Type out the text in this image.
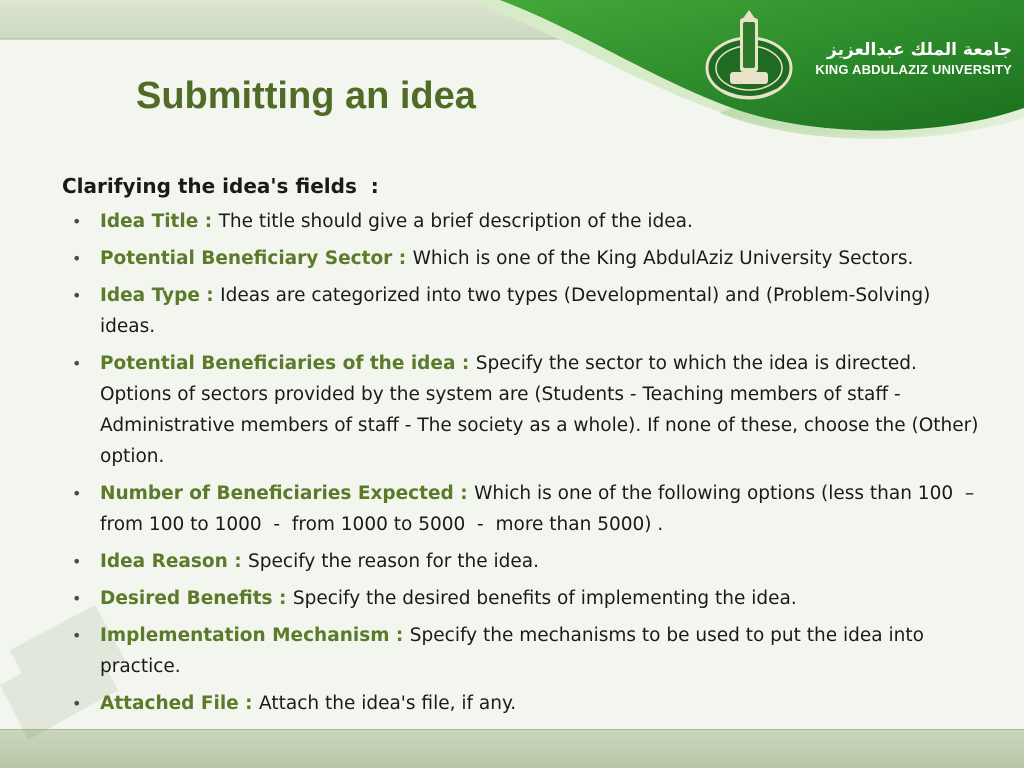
جامعة الملك عبدالعزيز
KING ABDULAZIZ UNIVERSITY
Submitting an idea

Clarifying the idea's fields  :

• Idea Title : The title should give a brief description of the idea.
• Potential Beneficiary Sector : Which is one of the King AbdulAziz University Sectors.
• Idea Type : Ideas are categorized into two types (Developmental) and (Problem-Solving) ideas.
• Potential Beneficiaries of the idea : Specify the sector to which the idea is directed. Options of sectors provided by the system are (Students - Teaching members of staff - Administrative members of staff - The society as a whole). If none of these, choose the (Other) option.
• Number of Beneficiaries Expected : Which is one of the following options (less than 100  –  from 100 to 1000  -  from 1000 to 5000  -  more than 5000) .
• Idea Reason : Specify the reason for the idea.
• Desired Benefits : Specify the desired benefits of implementing the idea.
• Implementation Mechanism : Specify the mechanisms to be used to put the idea into practice.
• Attached File : Attach the idea's file, if any.
